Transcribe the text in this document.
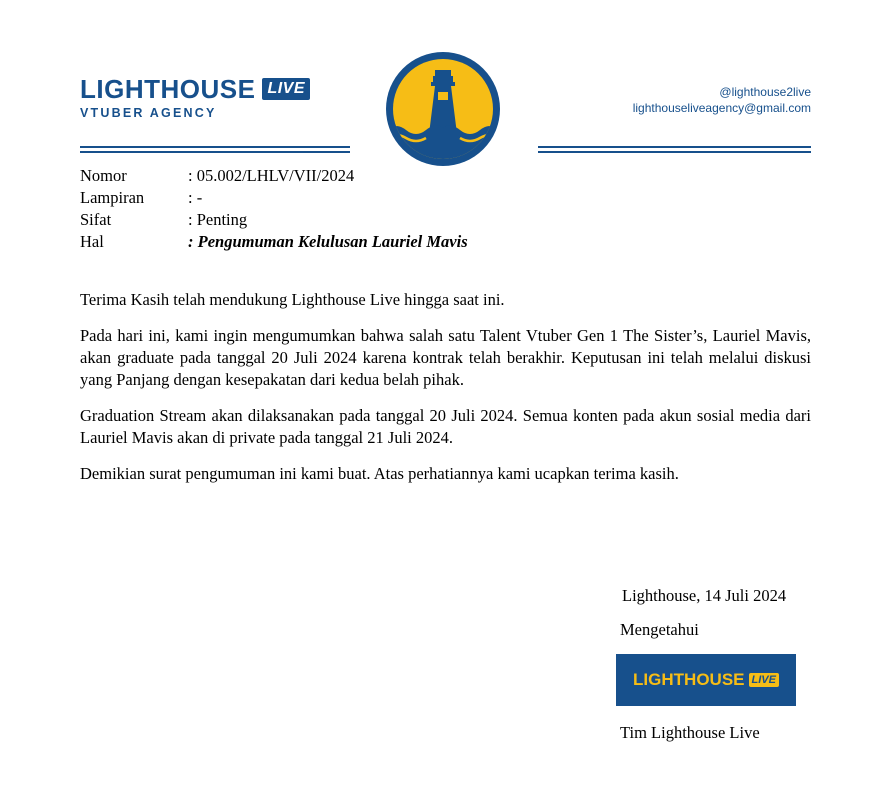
LIGHTHOUSE LIVE
VTUBER AGENCY
@lighthouse2live
lighthouseliveagency@gmail.com
Nomor	: 05.002/LHLV/VII/2024
Lampiran	: -
Sifat	: Penting
Hal	: Pengumuman Kelulusan Lauriel Mavis

Terima Kasih telah mendukung Lighthouse Live hingga saat ini.

Pada hari ini, kami ingin mengumumkan bahwa salah satu Talent Vtuber Gen 1 The Sister’s, Lauriel Mavis, akan graduate pada tanggal 20 Juli 2024 karena kontrak telah berakhir. Keputusan ini telah melalui diskusi yang Panjang dengan kesepakatan dari kedua belah pihak.

Graduation Stream akan dilaksanakan pada tanggal 20 Juli 2024. Semua konten pada akun sosial media dari Lauriel Mavis akan di private pada tanggal 21 Juli 2024.

Demikian surat pengumuman ini kami buat. Atas perhatiannya kami ucapkan terima kasih.

Lighthouse, 14 Juli 2024
Mengetahui
LIGHTHOUSE LIVE
Tim Lighthouse Live
